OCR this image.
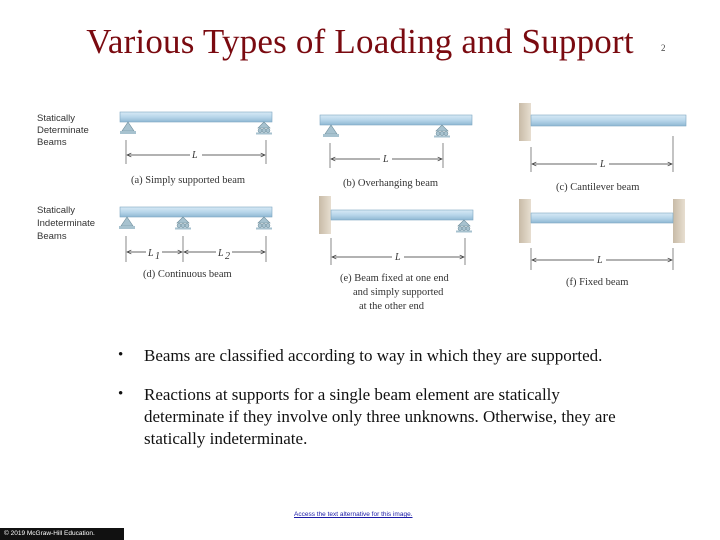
Various Types of Loading and Support	2
Statically
Determinate
Beams
Statically
Indeterminate
Beams
L
(a) Simply supported beam
L
(b) Overhanging beam
L
(c) Cantilever beam
L 1	L 2
(d) Continuous beam
L
(e) Beam fixed at one end
and simply supported
at the other end
L
(f) Fixed beam
• Beams are classified according to way in which they are supported.
• Reactions at supports for a single beam element are statically determinate if they involve only three unknowns. Otherwise, they are statically indeterminate.
Access the text alternative for this image.
© 2019 McGraw-Hill Education.
